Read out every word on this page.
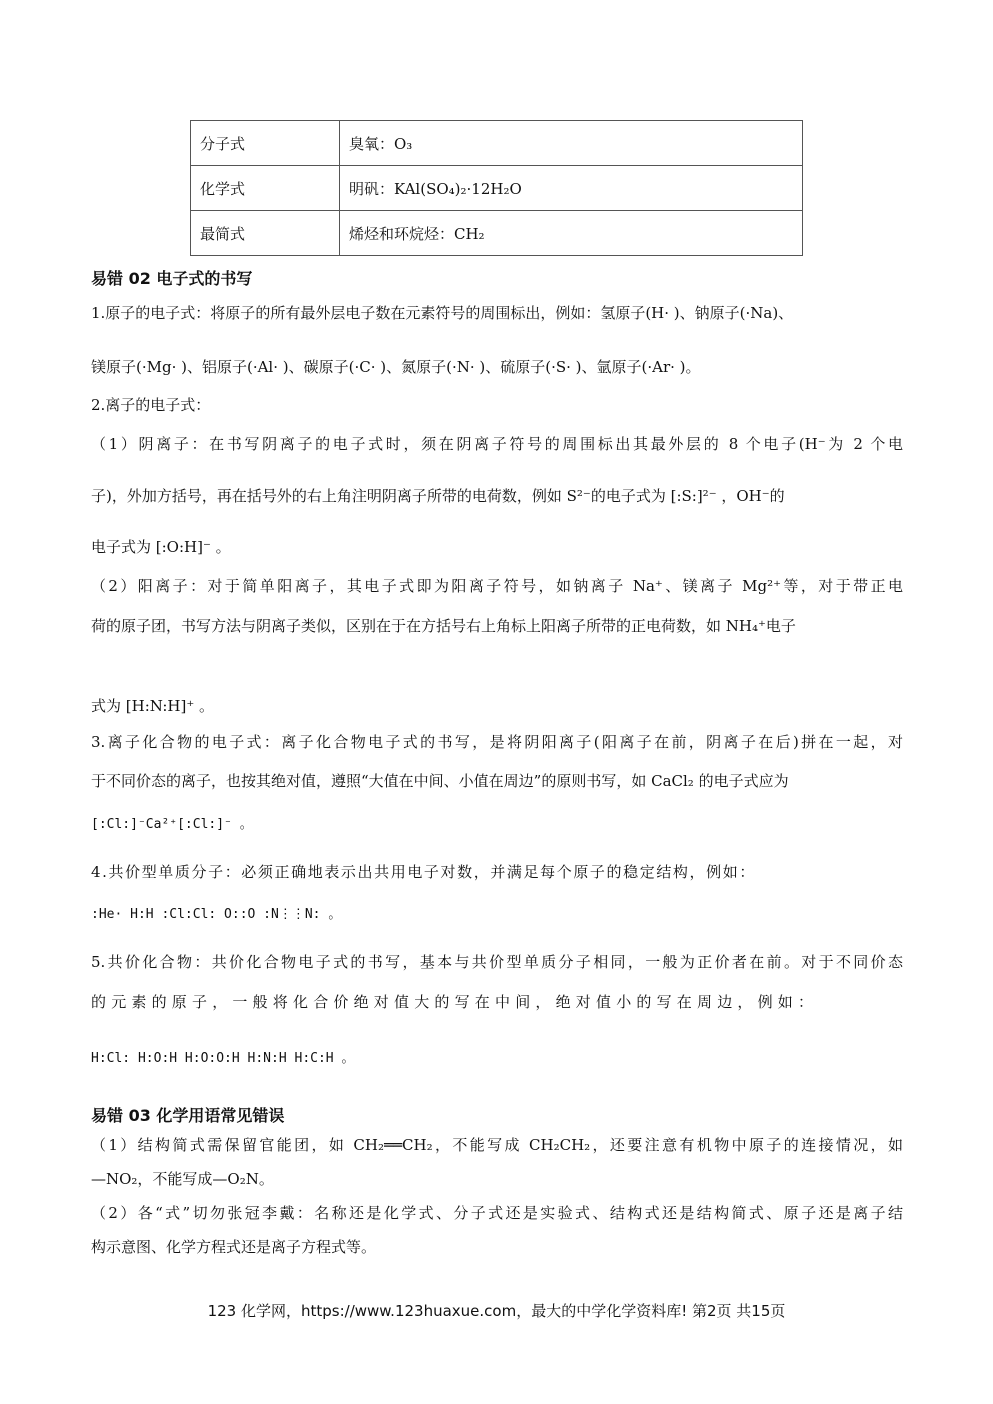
分子式	臭氧：O₃
化学式	明矾：KAl(SO₄)₂·12H₂O
最简式	烯烃和环烷烃：CH₂
易错 02 电子式的书写
1.原子的电子式：将原子的所有最外层电子数在元素符号的周围标出，例如：氢原子(H· )、钠原子(·Na)、
镁原子(·Mg· )、铝原子(·Al· )、碳原子(·C· )、氮原子(·N· )、硫原子(·S· )、氩原子(·Ar· )。
2.离子的电子式：
（1）阴离子：在书写阴离子的电子式时，须在阴离子符号的周围标出其最外层的 8 个电子(H⁻为 2 个电
子)，外加方括号，再在括号外的右上角注明阴离子所带的电荷数，例如 S²⁻的电子式为 [:S:]²⁻ ，OH⁻的
电子式为 [:O:H]⁻ 。
（2）阳离子：对于简单阳离子，其电子式即为阳离子符号，如钠离子 Na⁺、镁离子 Mg²⁺等，对于带正电
荷的原子团，书写方法与阴离子类似，区别在于在方括号右上角标上阳离子所带的正电荷数，如 NH₄⁺电子
式为 [H:N:H]⁺ 。
3.离子化合物的电子式：离子化合物电子式的书写，是将阴阳离子(阳离子在前，阴离子在后)拼在一起，对
于不同价态的离子，也按其绝对值，遵照“大值在中间、小值在周边”的原则书写，如 CaCl₂ 的电子式应为
[:Cl:]⁻Ca²⁺[:Cl:]⁻ 。
4.共价型单质分子：必须正确地表示出共用电子对数，并满足每个原子的稳定结构，例如：
:He· H:H :Cl:Cl: O::O :N⋮⋮N: 。
5.共价化合物：共价化合物电子式的书写，基本与共价型单质分子相同，一般为正价者在前。对于不同价态
的元素的原子，一般将化合价绝对值大的写在中间，绝对值小的写在周边，例如：
H:Cl: H:O:H H:O:O:H H:N:H H:C:H 。
易错 03 化学用语常见错误
（1）结构简式需保留官能团，如 CH₂══CH₂，不能写成 CH₂CH₂，还要注意有机物中原子的连接情况，如
—NO₂，不能写成—O₂N。
（2）各“式”切勿张冠李戴：名称还是化学式、分子式还是实验式、结构式还是结构简式、原子还是离子结
构示意图、化学方程式还是离子方程式等。
123 化学网，https://www.123huaxue.com，最大的中学化学资料库! 第2页 共15页
